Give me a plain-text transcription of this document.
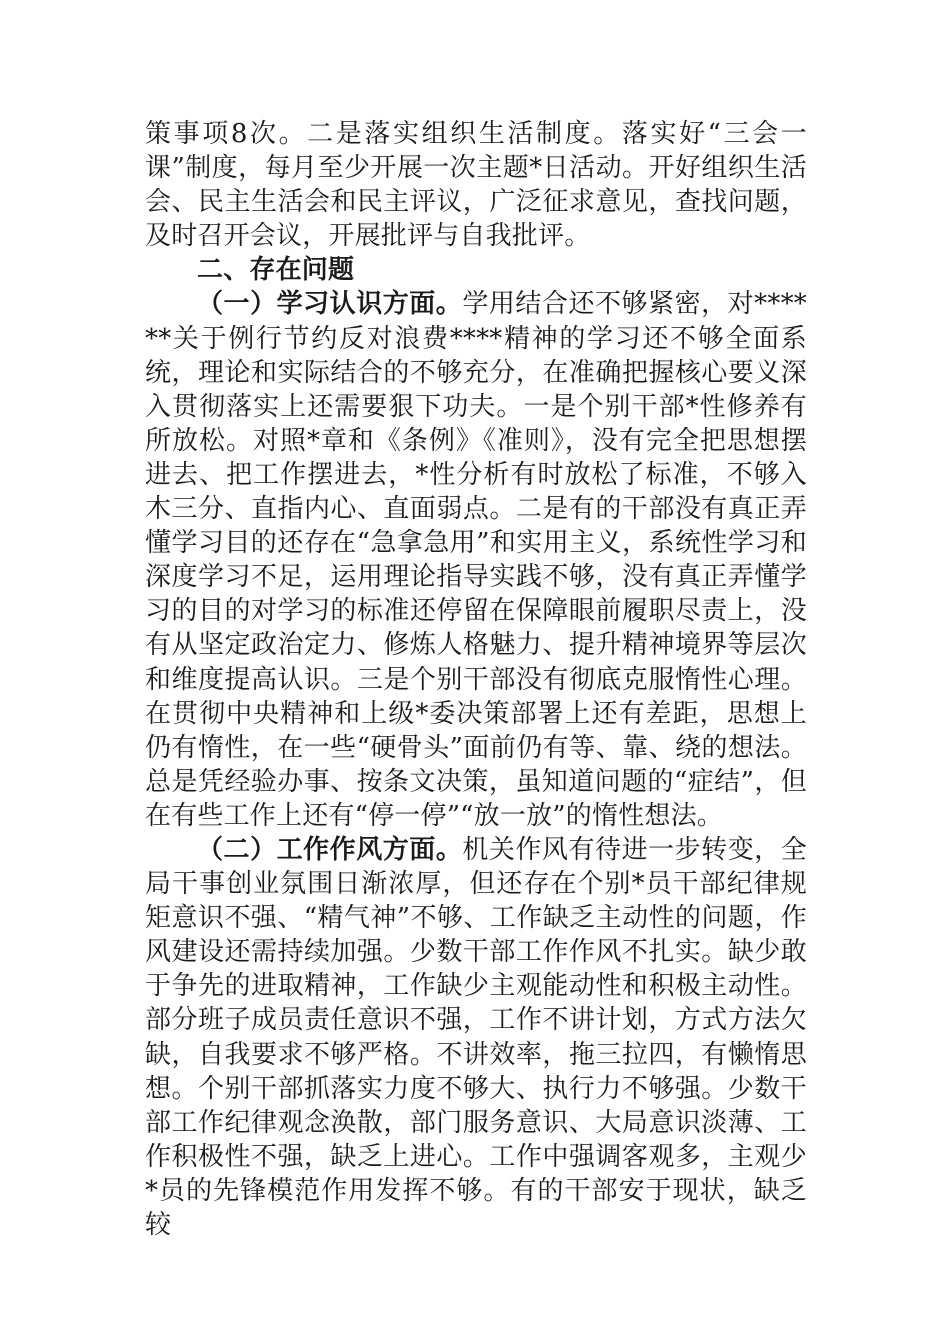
策事项8次。二是落实组织生活制度。落实好“三会一课”制度，每月至少开展一次主题*日活动。开好组织生活会、民主生活会和民主评议，广泛征求意见，查找问题，及时召开会议，开展批评与自我批评。

二、存在问题

（一）学习认识方面。学用结合还不够紧密，对******关于例行节约反对浪费****精神的学习还不够全面系统，理论和实际结合的不够充分，在准确把握核心要义深入贯彻落实上还需要狠下功夫。一是个别干部*性修养有所放松。对照*章和《条例》《准则》，没有完全把思想摆进去、把工作摆进去，*性分析有时放松了标准，不够入木三分、直指内心、直面弱点。二是有的干部没有真正弄懂学习目的还存在“急拿急用”和实用主义，系统性学习和深度学习不足，运用理论指导实践不够，没有真正弄懂学习的目的对学习的标准还停留在保障眼前履职尽责上，没有从坚定政治定力、修炼人格魅力、提升精神境界等层次和维度提高认识。三是个别干部没有彻底克服惰性心理。在贯彻中央精神和上级*委决策部署上还有差距，思想上仍有惰性，在一些“硬骨头”面前仍有等、靠、绕的想法。总是凭经验办事、按条文决策，虽知道问题的“症结”，但在有些工作上还有“停一停”“放一放”的惰性想法。

（二）工作作风方面。机关作风有待进一步转变，全局干事创业氛围日渐浓厚，但还存在个别*员干部纪律规矩意识不强、“精气神”不够、工作缺乏主动性的问题，作风建设还需持续加强。少数干部工作作风不扎实。缺少敢于争先的进取精神，工作缺少主观能动性和积极主动性。部分班子成员责任意识不强，工作不讲计划，方式方法欠缺，自我要求不够严格。不讲效率，拖三拉四，有懒惰思想。个别干部抓落实力度不够大、执行力不够强。少数干部工作纪律观念涣散，部门服务意识、大局意识淡薄、工作积极性不强，缺乏上进心。工作中强调客观多，主观少*员的先锋模范作用发挥不够。有的干部安于现状，缺乏较
